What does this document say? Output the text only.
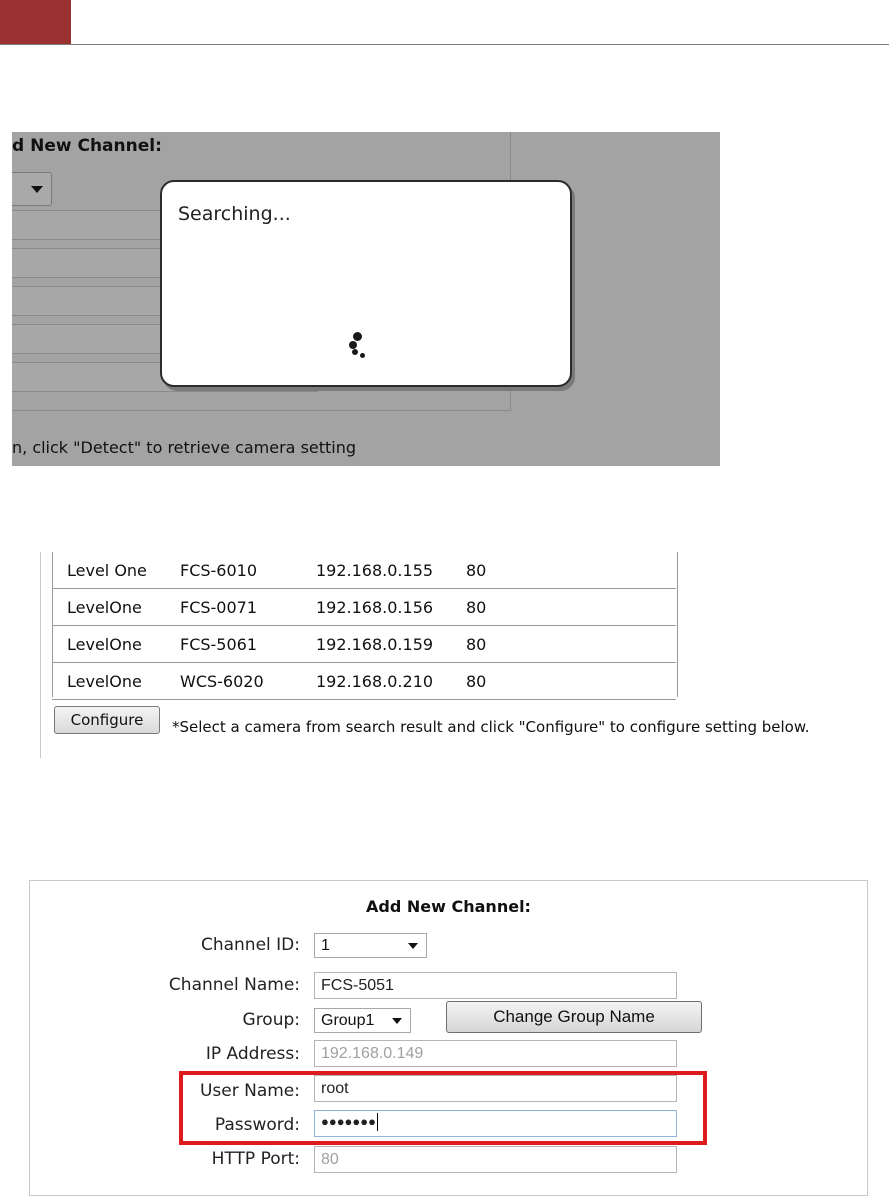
d New Channel:
n, click "Detect" to retrieve camera setting
Searching...
Level One	FCS-6010	192.168.0.155	80
LevelOne	FCS-0071	192.168.0.156	80
LevelOne	FCS-5061	192.168.0.159	80
LevelOne	WCS-6020	192.168.0.210	80
Configure	*Select a camera from search result and click "Configure" to configure setting below.
Add New Channel:
Channel ID:	1
Channel Name:
FCS-5051
Group:	Group1	Change Group Name
IP Address:
192.168.0.149
User Name:
root
Password:	●●●●●●●
HTTP Port:
80
